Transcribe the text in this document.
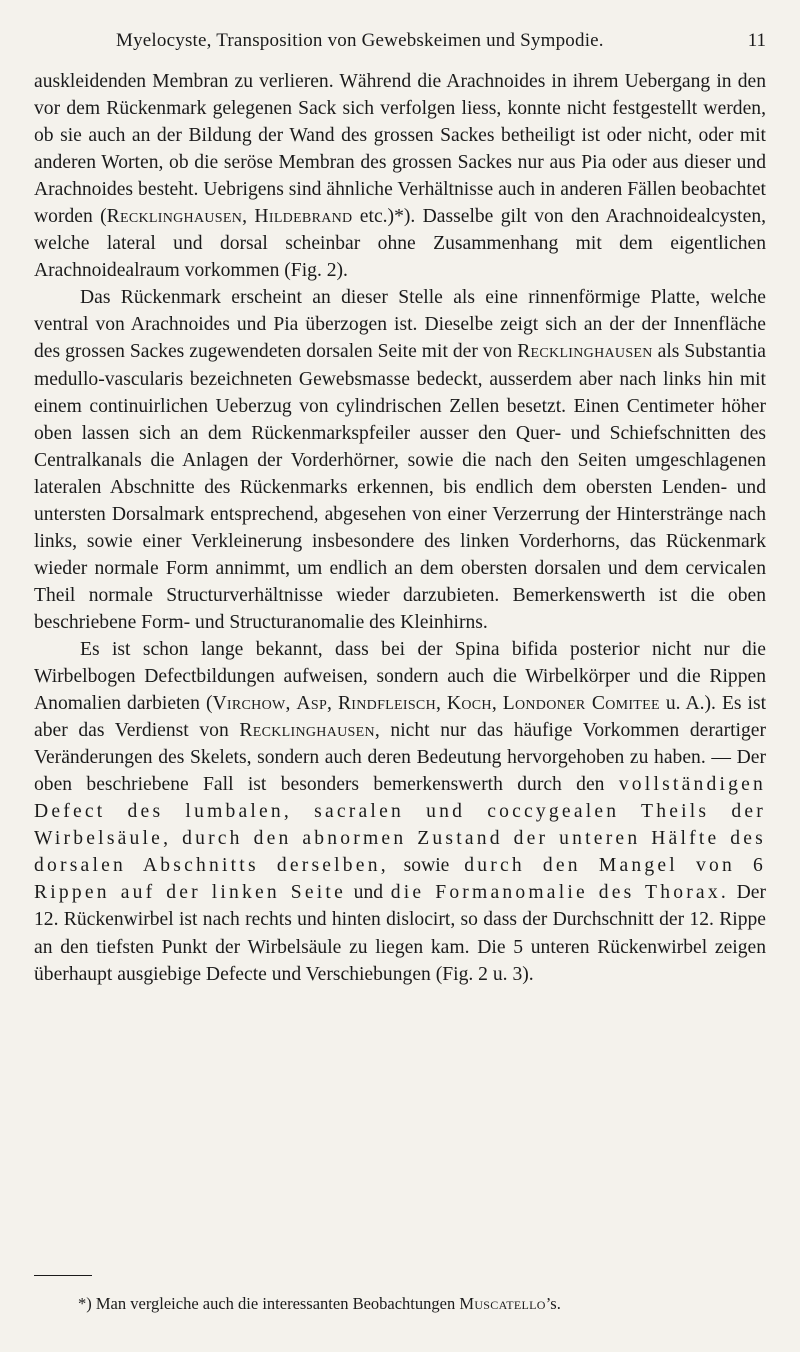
Myelocyste, Transposition von Gewebskeimen und Sympodie.	11

auskleidenden Membran zu verlieren. Während die Arachnoides in ihrem Uebergang in den vor dem Rückenmark gelegenen Sack sich verfolgen liess, konnte nicht festgestellt werden, ob sie auch an der Bildung der Wand des grossen Sackes betheiligt ist oder nicht, oder mit anderen Worten, ob die seröse Membran des grossen Sackes nur aus Pia oder aus dieser und Arachnoides besteht. Uebrigens sind ähnliche Verhältnisse auch in anderen Fällen beobachtet worden (Recklinghausen, Hildebrand etc.)*). Dasselbe gilt von den Arachnoidealcysten, welche lateral und dorsal scheinbar ohne Zusammenhang mit dem eigentlichen Arachnoidealraum vorkommen (Fig. 2).

Das Rückenmark erscheint an dieser Stelle als eine rinnenförmige Platte, welche ventral von Arachnoides und Pia überzogen ist. Dieselbe zeigt sich an der der Innenfläche des grossen Sackes zugewendeten dorsalen Seite mit der von Recklinghausen als Substantia medullo-vascularis bezeichneten Gewebsmasse bedeckt, ausserdem aber nach links hin mit einem continuirlichen Ueberzug von cylindrischen Zellen besetzt. Einen Centimeter höher oben lassen sich an dem Rückenmarkspfeiler ausser den Quer- und Schiefschnitten des Centralkanals die Anlagen der Vorderhörner, sowie die nach den Seiten umgeschlagenen lateralen Abschnitte des Rückenmarks erkennen, bis endlich dem obersten Lenden- und untersten Dorsalmark entsprechend, abgesehen von einer Verzerrung der Hinterstränge nach links, sowie einer Verkleinerung insbesondere des linken Vorderhorns, das Rückenmark wieder normale Form annimmt, um endlich an dem obersten dorsalen und dem cervicalen Theil normale Structurverhältnisse wieder darzubieten. Bemerkenswerth ist die oben beschriebene Form- und Structuranomalie des Kleinhirns.

Es ist schon lange bekannt, dass bei der Spina bifida posterior nicht nur die Wirbelbogen Defectbildungen aufweisen, sondern auch die Wirbelkörper und die Rippen Anomalien darbieten (Virchow, Asp, Rindfleisch, Koch, Londoner Comitee u. A.). Es ist aber das Verdienst von Recklinghausen, nicht nur das häufige Vorkommen derartiger Veränderungen des Skelets, sondern auch deren Bedeutung hervorgehoben zu haben. — Der oben beschriebene Fall ist besonders bemerkenswerth durch den vollständigen Defect des lumbalen, sacralen und coccygealen Theils der Wirbelsäule, durch den abnormen Zustand der unteren Hälfte des dorsalen Abschnitts derselben, sowie durch den Mangel von 6 Rippen auf der linken Seite und die Formanomalie des Thorax. Der 12. Rückenwirbel ist nach rechts und hinten dislocirt, so dass der Durchschnitt der 12. Rippe an den tiefsten Punkt der Wirbelsäule zu liegen kam. Die 5 unteren Rückenwirbel zeigen überhaupt ausgiebige Defecte und Verschiebungen (Fig. 2 u. 3).

*) Man vergleiche auch die interessanten Beobachtungen Muscatello’s.
